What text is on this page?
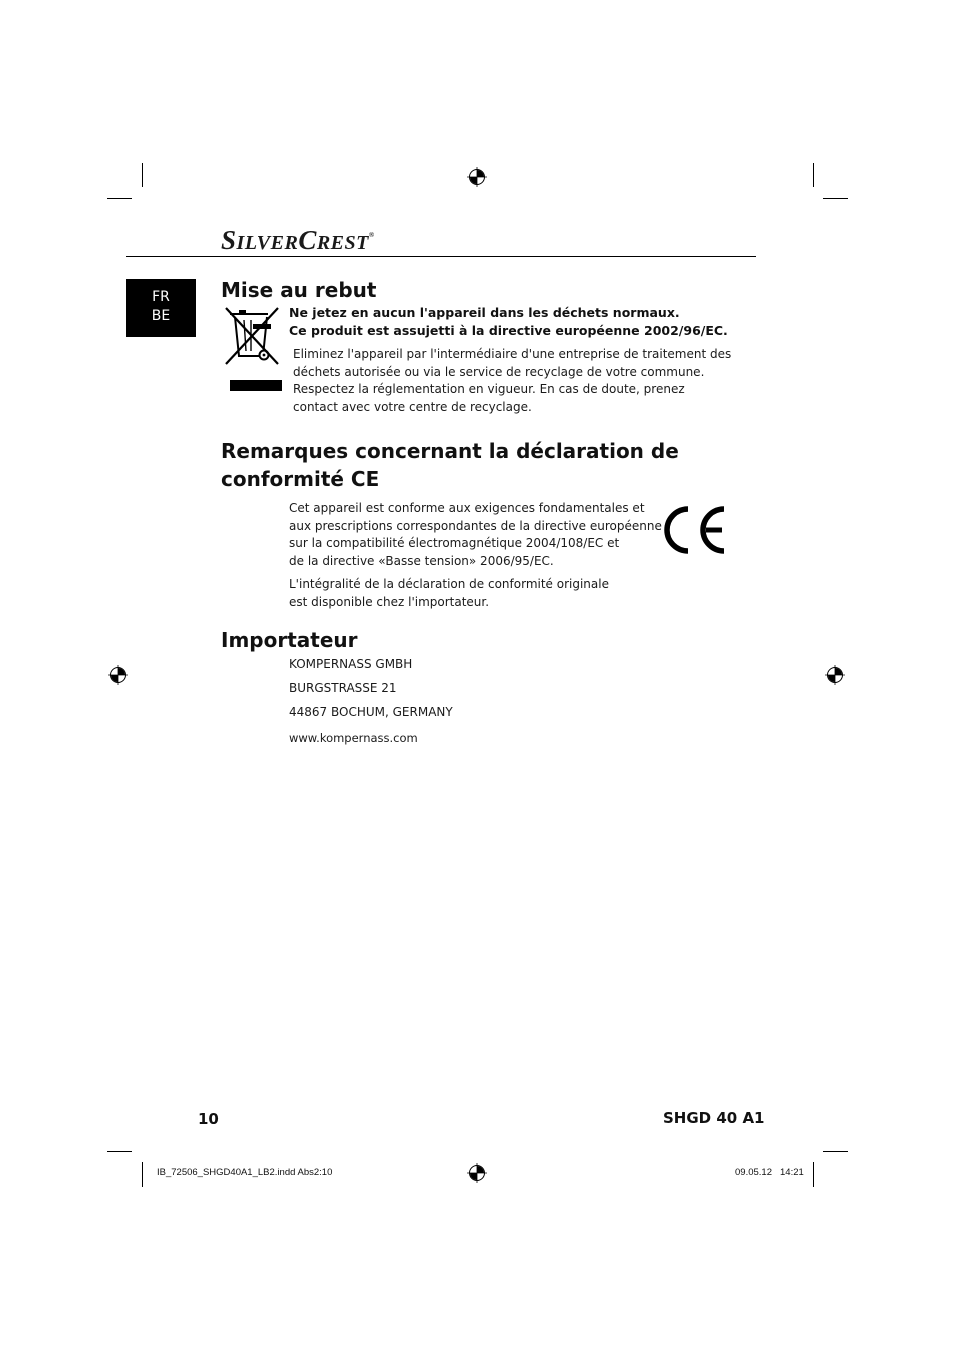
SILVERCREST®
FR
BE
Mise au rebut
Ne jetez en aucun l'appareil dans les déchets normaux.
Ce produit est assujetti à la directive européenne 2002/96/EC.
Eliminez l'appareil par l'intermédiaire d'une entreprise de traitement des
déchets autorisée ou via le service de recyclage de votre commune.
Respectez la réglementation en vigueur. En cas de doute, prenez
contact avec votre centre de recyclage.
Remarques concernant la déclaration de
conformité CE
Cet appareil est conforme aux exigences fondamentales et
aux prescriptions correspondantes de la directive européenne
sur la compatibilité électromagnétique 2004/108/EC et
de la directive «Basse tension» 2006/95/EC.
L'intégralité de la déclaration de conformité originale
est disponible chez l'importateur.
Importateur
KOMPERNASS GMBH
BURGSTRASSE 21
44867 BOCHUM, GERMANY
www.kompernass.com
10	SHGD 40 A1
IB_72506_SHGD40A1_LB2.indd Abs2:10	09.05.12 14:21
